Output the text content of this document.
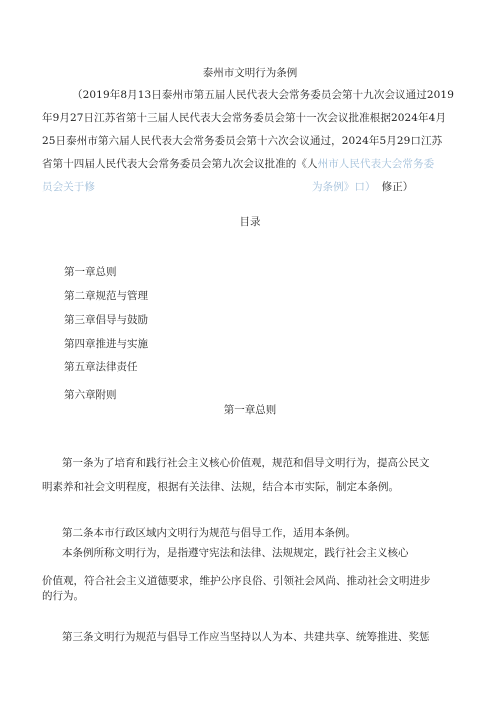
泰州市文明行为条例
（2019年8月13日泰州市第五届人民代表大会常务委员会第十九次会议通过2019
年9月27日江苏省第十三届人民代表大会常务委员会第十一次会议批准根据2024年4月
25日泰州市第六届人民代表大会常务委员会第十六次会议通过，2024年5月29口江苏
省第十四届人民代表大会常务委员会第九次会议批准的《人州市人民代表大会常务委
员会关于修	为条例》口） 修正）
目录
第一章总则
第二章规范与管理
第三章倡导与鼓励
第四章推进与实施
第五章法律责任
第六章附则
第一章总则
第一条为了培育和践行社会主义核心价值观，规范和倡导文明行为，提高公民文
明素养和社会文明程度，根据有关法律、法规，结合本市实际，制定本条例。
第二条本市行政区域内文明行为规范与倡导工作，适用本条例。
本条例所称文明行为，是指遵守宪法和法律、法规规定，践行社会主义核心
价值观，符合社会主义道德要求，维护公序良俗、引领社会风尚、推动社会文明进步
的行为。
第三条文明行为规范与倡导工作应当坚持以人为本、共建共享、统筹推进、奖惩
